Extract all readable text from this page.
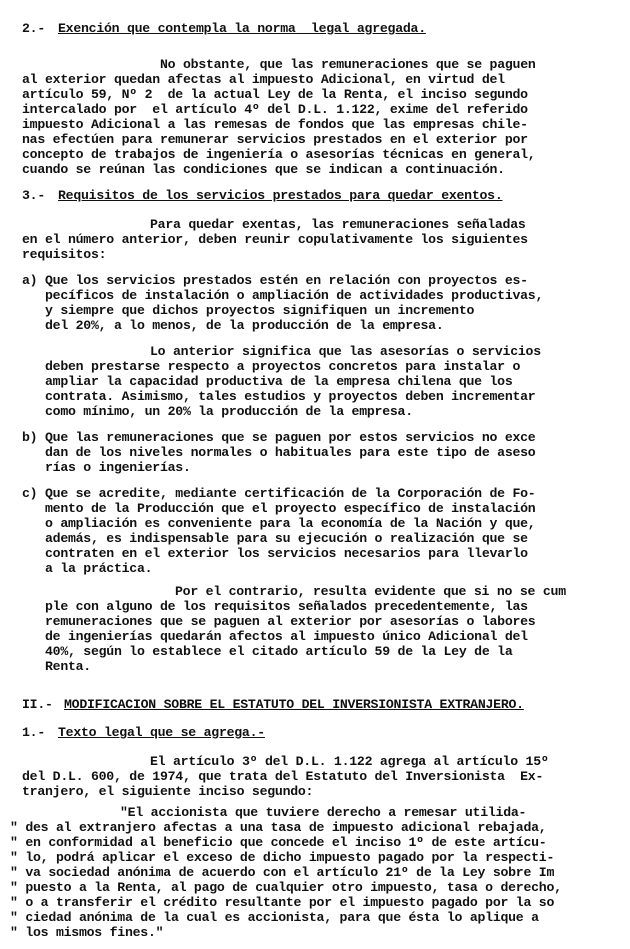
2.- Exención que contempla la norma  legal agregada.
No obstante, que las remuneraciones que se paguen
al exterior quedan afectas al impuesto Adicional, en virtud del
artículo 59, Nº 2  de la actual Ley de la Renta, el inciso segundo
intercalado por  el artículo 4º del D.L. 1.122, exime del referido
impuesto Adicional a las remesas de fondos que las empresas chile-
nas efectúen para remunerar servicios prestados en el exterior por
concepto de trabajos de ingeniería o asesorías técnicas en general,
cuando se reúnan las condiciones que se indican a continuación.
3.- Requisitos de los servicios prestados para quedar exentos.
Para quedar exentas, las remuneraciones señaladas
en el número anterior, deben reunir copulativamente los siguientes
requisitos:
a) Que los servicios prestados estén en relación con proyectos es-
pecíficos de instalación o ampliación de actividades productivas,
y siempre que dichos proyectos signifiquen un incremento
del 20%, a lo menos, de la producción de la empresa.
Lo anterior significa que las asesorías o servicios
deben prestarse respecto a proyectos concretos para instalar o
ampliar la capacidad productiva de la empresa chilena que los
contrata. Asimismo, tales estudios y proyectos deben incrementar
como mínimo, un 20% la producción de la empresa.
b) Que las remuneraciones que se paguen por estos servicios no exce
dan de los niveles normales o habituales para este tipo de aseso
rías o ingenierías.
c) Que se acredite, mediante certificación de la Corporación de Fo-
mento de la Producción que el proyecto específico de instalación
o ampliación es conveniente para la economía de la Nación y que,
además, es indispensable para su ejecución o realización que se
contraten en el exterior los servicios necesarios para llevarlo
a la práctica.
Por el contrario, resulta evidente que si no se cum
ple con alguno de los requisitos señalados precedentemente, las
remuneraciones que se paguen al exterior por asesorías o labores
de ingenierías quedarán afectos al impuesto único Adicional del
40%, según lo establece el citado artículo 59 de la Ley de la
Renta.
II.- MODIFICACION SOBRE EL ESTATUTO DEL INVERSIONISTA EXTRANJERO.
1.- Texto legal que se agrega.-
El artículo 3º del D.L. 1.122 agrega al artículo 15º
del D.L. 600, de 1974, que trata del Estatuto del Inversionista  Ex-
tranjero, el siguiente inciso segundo:
"El accionista que tuviere derecho a remesar utilida-
" des al extranjero afectas a una tasa de impuesto adicional rebajada,
" en conformidad al beneficio que concede el inciso 1º de este artícu-
" lo, podrá aplicar el exceso de dicho impuesto pagado por la respecti-
" va sociedad anónima de acuerdo con el artículo 21º de la Ley sobre Im
" puesto a la Renta, al pago de cualquier otro impuesto, tasa o derecho,
" o a transferir el crédito resultante por el impuesto pagado por la so
" ciedad anónima de la cual es accionista, para que ésta lo aplique a
" los mismos fines."
